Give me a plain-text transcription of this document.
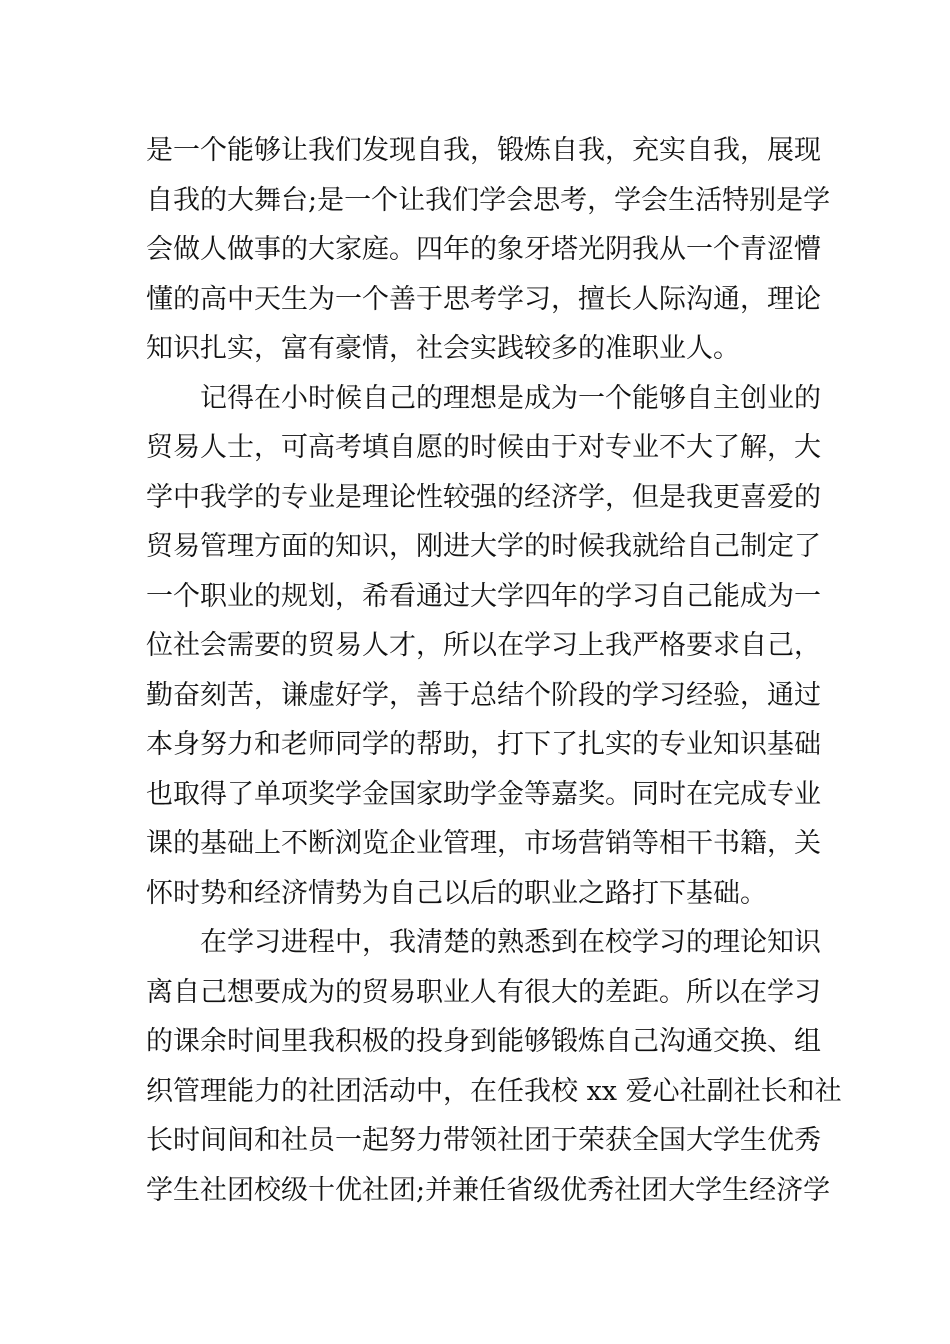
是一个能够让我们发现自我，锻炼自我，充实自我，展现
自我的大舞台;是一个让我们学会思考，学会生活特别是学
会做人做事的大家庭。四年的象牙塔光阴我从一个青涩懵
懂的高中天生为一个善于思考学习，擅长人际沟通，理论
知识扎实，富有豪情，社会实践较多的准职业人。
记得在小时候自己的理想是成为一个能够自主创业的
贸易人士，可高考填自愿的时候由于对专业不大了解，大
学中我学的专业是理论性较强的经济学，但是我更喜爱的
贸易管理方面的知识，刚进大学的时候我就给自己制定了
一个职业的规划，希看通过大学四年的学习自己能成为一
位社会需要的贸易人才，所以在学习上我严格要求自己，
勤奋刻苦，谦虚好学，善于总结个阶段的学习经验，通过
本身努力和老师同学的帮助，打下了扎实的专业知识基础
也取得了单项奖学金国家助学金等嘉奖。同时在完成专业
课的基础上不断浏览企业管理，市场营销等相干书籍，关
怀时势和经济情势为自己以后的职业之路打下基础。
在学习进程中，我清楚的熟悉到在校学习的理论知识
离自己想要成为的贸易职业人有很大的差距。所以在学习
的课余时间里我积极的投身到能够锻炼自己沟通交换、组
织管理能力的社团活动中，在任我校 xx 爱心社副社长和社
长时间间和社员一起努力带领社团于荣获全国大学生优秀
学生社团校级十优社团;并兼任省级优秀社团大学生经济学
